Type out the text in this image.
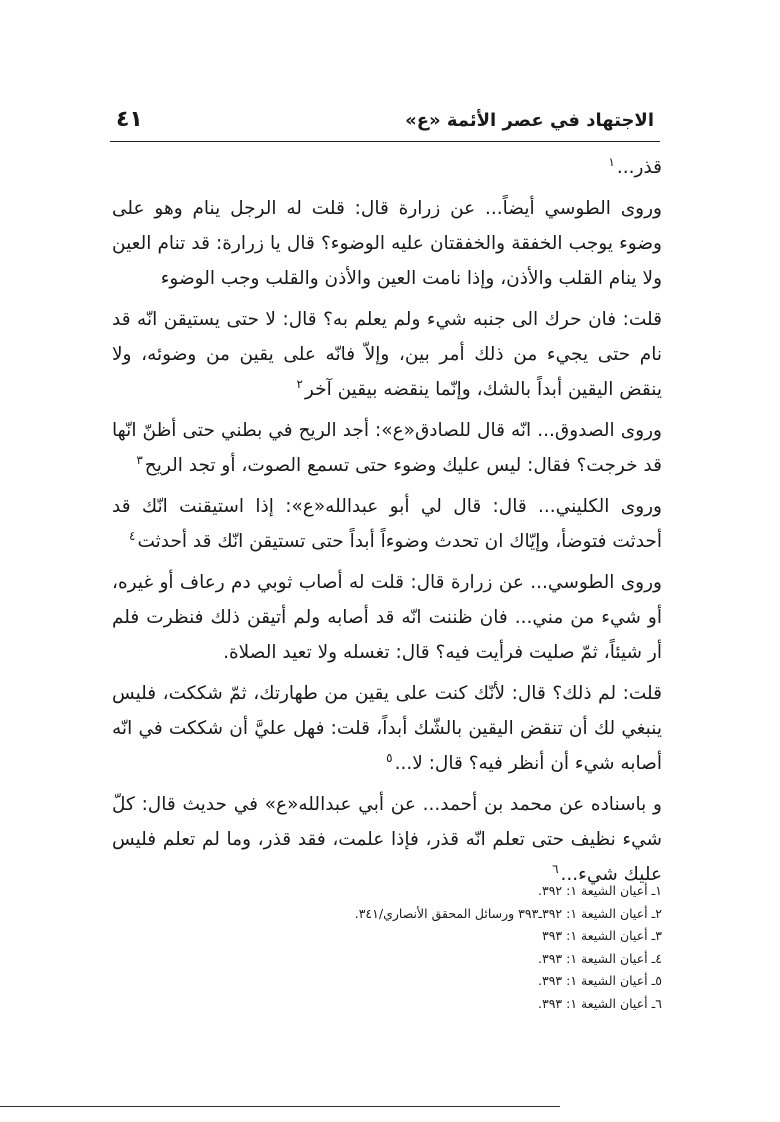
الاجتهاد في عصر الأئمة «ع»
٤١

قذر...$^١$

وروى الطوسي أيضاً... عن زرارة قال: قلت له الرجل ينام وهو على وضوء يوجب الخفقة والخفقتان عليه الوضوء؟ قال يا زرارة: قد تنام العين ولا ينام القلب والأذن، وإذا نامت العين والأذن والقلب وجب الوضوء

قلت: فان حرك الى جنبه شيء ولم يعلم به؟ قال: لا حتى يستيقن انّه قد نام حتى يجيء من ذلك أمر بين، وإلاّ فانّه على يقين من وضوئه، ولا ينقض اليقين أبداً بالشك، وإنّما ينقضه بيقين آخر$^٢$

وروى الصدوق... انّه قال للصادق«ع»: أجد الريح في بطني حتى أظنّ انّها قد خرجت؟ فقال: ليس عليك وضوء حتى تسمع الصوت، أو تجد الريح$^٣$

وروى الكليني... قال: قال لي أبو عبدالله«ع»: إذا استيقنت انّك قد أحدثت فتوضأ، وإيّاك ان تحدث وضوءاً أبداً حتى تستيقن انّك قد أحدثت$^٤$

وروى الطوسي... عن زرارة قال: قلت له أصاب ثوبي دم رعاف أو غيره، أو شيء من مني... فان ظننت انّه قد أصابه ولم أتيقن ذلك فنظرت فلم أر شيئاً، ثمّ صليت فرأيت فيه؟ قال: تغسله ولا تعيد الصلاة.

قلت: لم ذلك؟ قال: لأنّك كنت على يقين من طهارتك، ثمّ شككت، فليس ينبغي لك أن تنقض اليقين بالشّك أبداً، قلت: فهل عليَّ أن شككت في انّه أصابه شيء أن أنظر فيه؟ قال: لا...$^٥$

و باسناده عن محمد بن أحمد... عن أبي عبدالله«ع» في حديث قال: كلّ شيء نظيف حتى تعلم انّه قذر، فإذا علمت، فقد قذر، وما لم تعلم فليس عليك شيء...$^٦$

١ـ أعيان الشيعة ١: ٣٩٢.
٢ـ أعيان الشيعة ١: ٣٩٢ـ٣٩٣ ورسائل المحقق الأنصاري/٣٤١.
٣ـ أعيان الشيعة ١: ٣٩٣
٤ـ أعيان الشيعة ١: ٣٩٣.
٥ـ أعيان الشيعة ١: ٣٩٣.
٦ـ أعيان الشيعة ١: ٣٩٣.
